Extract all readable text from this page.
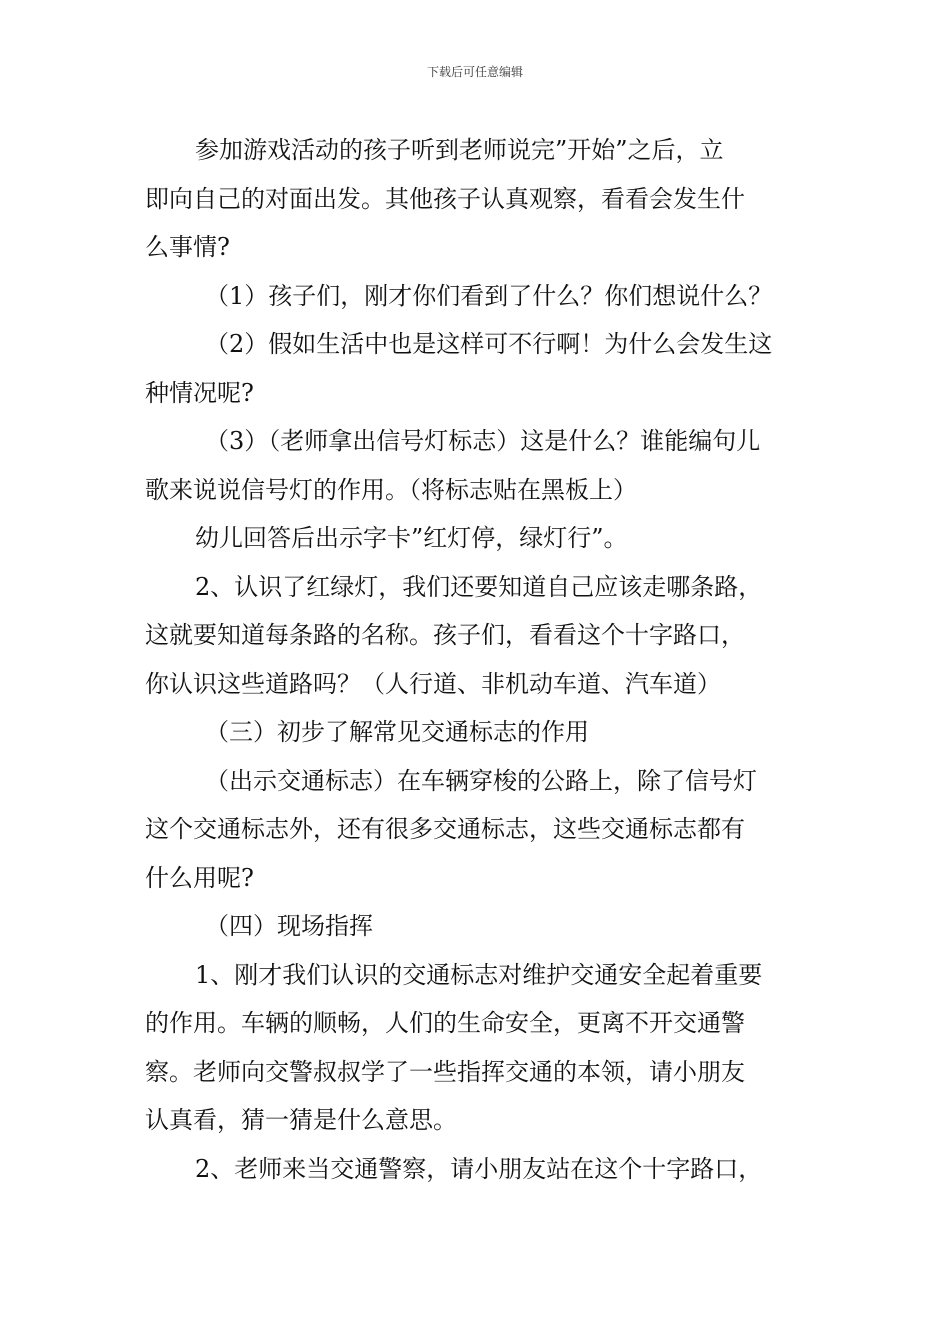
下载后可任意编辑
参加游戏活动的孩子听到老师说完”开始”之后，立
即向自己的对面出发。其他孩子认真观察，看看会发生什
么事情?
（1）孩子们，刚才你们看到了什么？你们想说什么？
（2）假如生活中也是这样可不行啊！为什么会发生这
种情况呢?
（3）（老师拿出信号灯标志）这是什么？谁能编句儿
歌来说说信号灯的作用。（将标志贴在黑板上）
幼儿回答后出示字卡”红灯停，绿灯行”。
2、认识了红绿灯，我们还要知道自己应该走哪条路，
这就要知道每条路的名称。孩子们，看看这个十字路口，
你认识这些道路吗？（人行道、非机动车道、汽车道）
（三）初步了解常见交通标志的作用
（出示交通标志）在车辆穿梭的公路上，除了信号灯
这个交通标志外，还有很多交通标志，这些交通标志都有
什么用呢?
（四）现场指挥
1、刚才我们认识的交通标志对维护交通安全起着重要
的作用。车辆的顺畅，人们的生命安全，更离不开交通警
察。老师向交警叔叔学了一些指挥交通的本领，请小朋友
认真看，猜一猜是什么意思。
2、老师来当交通警察，请小朋友站在这个十字路口，
